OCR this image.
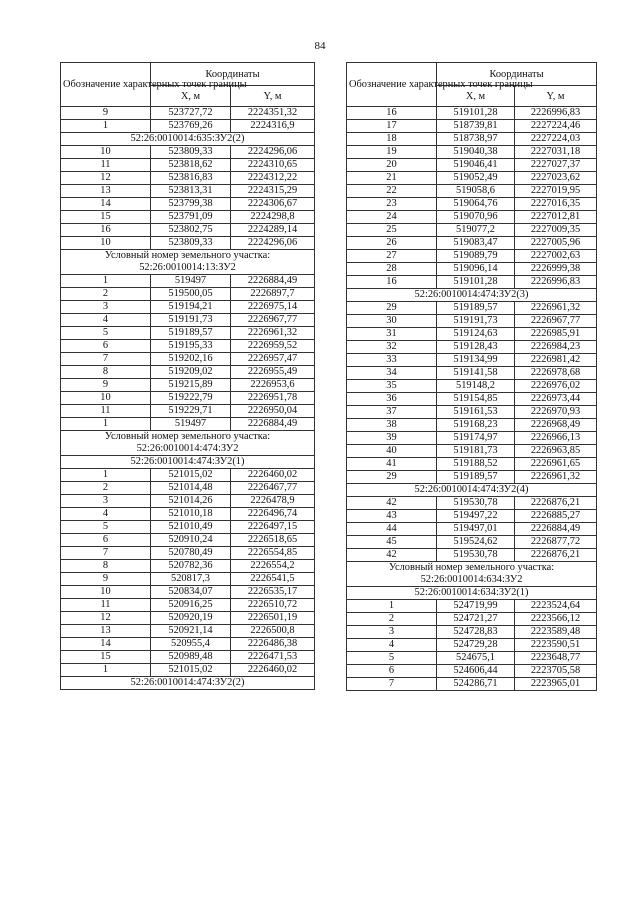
84
Обозначение характерных точек границы	Координаты	
	X, м	Y, м
9	523727,72	2224351,32
1	523769,26	2224316,9
52:26:0010014:635:ЗУ2(2)		
10	523809,33	2224296,06
11	523818,62	2224310,65
12	523816,83	2224312,22
13	523813,31	2224315,29
14	523799,38	2224306,67
15	523791,09	2224298,8
16	523802,75	2224289,14
10	523809,33	2224296,06
Условный номер земельного участка: 52:26:0010014:13:ЗУ2		
1	519497	2226884,49
2	519500,05	2226897,7
3	519194,21	2226975,14
4	519191,73	2226967,77
5	519189,57	2226961,32
6	519195,33	2226959,52
7	519202,16	2226957,47
8	519209,02	2226955,49
9	519215,89	2226953,6
10	519222,79	2226951,78
11	519229,71	2226950,04
1	519497	2226884,49
Условный номер земельного участка: 52:26:0010014:474:ЗУ2		
52:26:0010014:474:ЗУ2(1)		
1	521015,02	2226460,02
2	521014,48	2226467,77
3	521014,26	2226478,9
4	521010,18	2226496,74
5	521010,49	2226497,15
6	520910,24	2226518,65
7	520780,49	2226554,85
8	520782,36	2226554,2
9	520817,3	2226541,5
10	520834,07	2226535,17
11	520916,25	2226510,72
12	520920,19	2226501,19
13	520921,14	2226500,8
14	520955,4	2226486,38
15	520989,48	2226471,53
1	521015,02	2226460,02
52:26:0010014:474:ЗУ2(2)		
Обозначение характерных точек границы	Координаты	
	X, м	Y, м
16	519101,28	2226996,83
17	518739,81	2227224,46
18	518738,97	2227224,03
19	519040,38	2227031,18
20	519046,41	2227027,37
21	519052,49	2227023,62
22	519058,6	2227019,95
23	519064,76	2227016,35
24	519070,96	2227012,81
25	519077,2	2227009,35
26	519083,47	2227005,96
27	519089,79	2227002,63
28	519096,14	2226999,38
16	519101,28	2226996,83
52:26:0010014:474:ЗУ2(3)		
29	519189,57	2226961,32
30	519191,73	2226967,77
31	519124,63	2226985,91
32	519128,43	2226984,23
33	519134,99	2226981,42
34	519141,58	2226978,68
35	519148,2	2226976,02
36	519154,85	2226973,44
37	519161,53	2226970,93
38	519168,23	2226968,49
39	519174,97	2226966,13
40	519181,73	2226963,85
41	519188,52	2226961,65
29	519189,57	2226961,32
52:26:0010014:474:ЗУ2(4)		
42	519530,78	2226876,21
43	519497,22	2226885,27
44	519497,01	2226884,49
45	519524,62	2226877,72
42	519530,78	2226876,21
Условный номер земельного участка: 52:26:0010014:634:ЗУ2		
52:26:0010014:634:ЗУ2(1)		
1	524719,99	2223524,64
2	524721,27	2223566,12
3	524728,83	2223589,48
4	524729,28	2223590,51
5	524675,1	2223648,77
6	524606,44	2223705,58
7	524286,71	2223965,01
